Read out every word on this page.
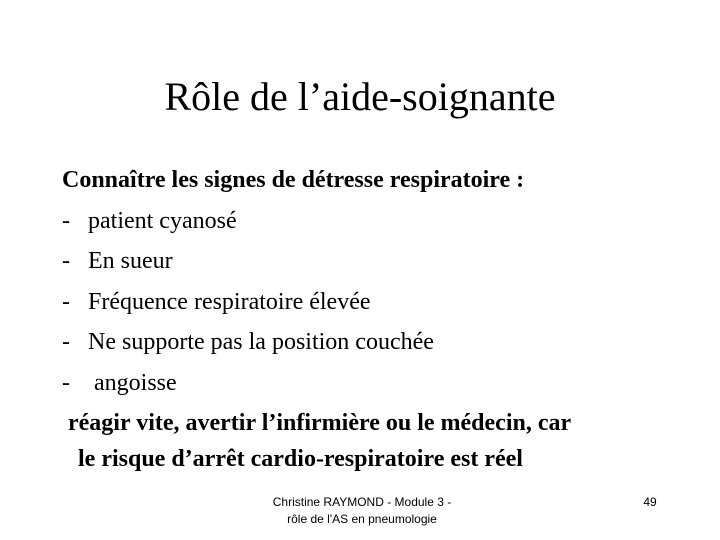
Rôle de l’aide-soignante
Connaître les signes de détresse respiratoire :
- patient cyanosé
- En sueur
- Fréquence respiratoire élevée
- Ne supporte pas la position couchée
- angoisse
réagir vite, avertir l’infirmière ou le médecin, car
le risque d’arrêt cardio-respiratoire est réel
Christine RAYMOND - Module 3 -
rôle de l'AS en pneumologie
49
